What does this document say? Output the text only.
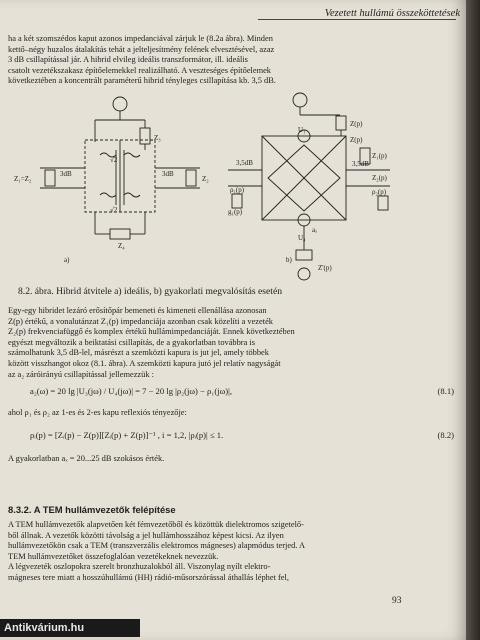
Vezetett hullámú összeköttetések

ha a két szomszédos kaput azonos impedanciával zárjuk le (8.2a ábra). Minden

kettő–négy huzalos átalakítás tehát a jelteljesítmény felének elvesztésével, azaz

3 dB csillapítással jár. A hibrid elvileg ideális transzformátor, ill. ideális

csatolt vezetékszakasz építőelemekkel realizálható. A veszteséges építőelemek

következtében a koncentrált paraméterű hibrid tényleges csillapítása kb. 3,5 dB.

Z₃
Z₁=Z₂
3dB	3dB
Z₂
Z₄
√2
√2
a)
U₁
Z(p)
Z(p)
Z₁(p)
3,5dB	3,5dB
Z₂(p)
ρ₂(p)
ρ₁(p)
g₁(p)
U₄
aₓ
Z'(p)
b)
8.2. ábra. Hibrid átvitele a) ideális, b) gyakorlati megvalósítás esetén

Egy-egy hibridet lezáró erősítőpár bemeneti és kimeneti ellenállása azonosan

Z(p) értékű, a vonalutánzat Z₁(p) impedanciája azonban csak közelíti a vezeték

Z₂(p) frekvenciafüggő és komplex értékű hullámimpedanciáját. Ennek következtében

egyészt megváltozik a beiktatási csillapítás, de a gyakorlatban továbbra is

számolhatunk 3,5 dB-lel, másrészt a szemközti kapura is jut jel, amely többek

között visszhangot okoz (8.1. ábra). A szemközti kapura jutó jel relatív nagyságát

az a₂ záróirányú csillapítással jellemezzük :

a₂(ω) = 20 lg |U₃(jω) / U₄(jω)| = 7 − 20 lg |ρ₂(jω) − ρ₁(jω)|,	(8.1)
ahol ρ₁ és ρ₂ az 1-es és 2-es kapu reflexiós tényezője:
ρᵢ(p) = [Zᵢ(p) − Z(p)][Zᵢ(p) + Z(p)]⁻¹ , i = 1,2, |ρᵢ(p)| ≤ 1.	(8.2)
A gyakorlatban aₓ = 20...25 dB szokásos érték.
8.3.2. A TEM hullámvezetők felépítése

A TEM hullámvezetők alapvetően két fémvezetőből és közöttük dielektromos szigetelő-

ből állnak. A vezetők közötti távolság a jel hullámhosszához képest kicsi. Az ilyen

hullámvezetőkön csak a TEM (transzverzális elektromos mágneses) alapmódus terjed. A

TEM hullámvezetőket összefoglalóan vezetékeknek nevezzük.

A légvezeték oszlopokra szerelt bronzhuzalokból áll. Viszonylag nyílt elektro-

mágneses tere miatt a hosszúhullámú (HH) rádió-műsorszórással áthallás léphet fel,

93
Antikvárium.hu
